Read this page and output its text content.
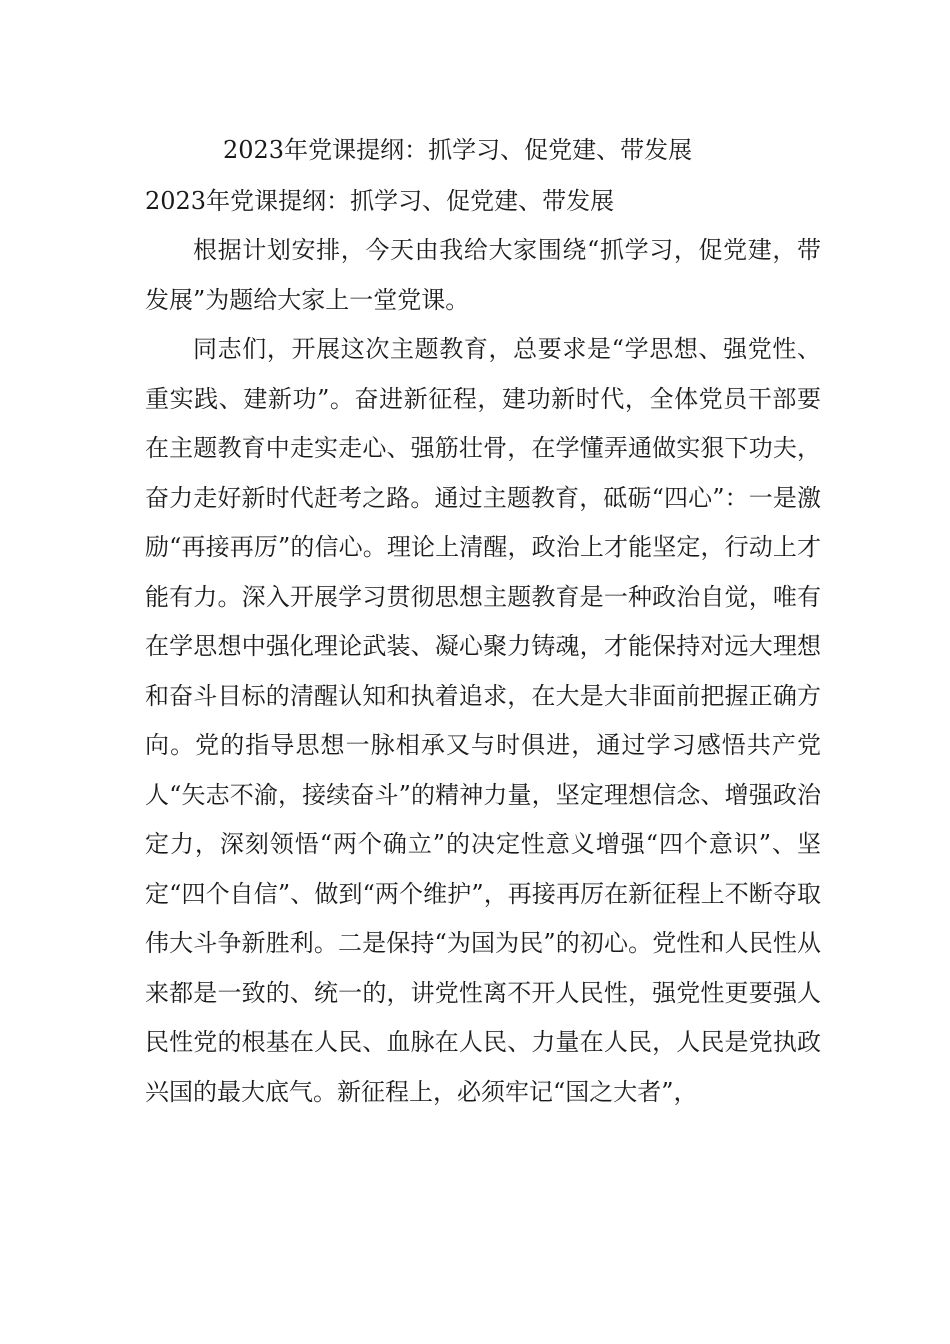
2023年党课提纲：抓学习、促党建、带发展
2023年党课提纲：抓学习、促党建、带发展

根据计划安排，今天由我给大家围绕“抓学习，促党建，带发展”为题给大家上一堂党课。

同志们，开展这次主题教育，总要求是“学思想、强党性、重实践、建新功”。奋进新征程，建功新时代，全体党员干部要在主题教育中走实走心、强筋壮骨，在学懂弄通做实狠下功夫，奋力走好新时代赶考之路。通过主题教育，砥砺“四心”：一是激励“再接再厉”的信心。理论上清醒，政治上才能坚定，行动上才能有力。深入开展学习贯彻思想主题教育是一种政治自觉，唯有在学思想中强化理论武装、凝心聚力铸魂，才能保持对远大理想和奋斗目标的清醒认知和执着追求，在大是大非面前把握正确方向。党的指导思想一脉相承又与时俱进，通过学习感悟共产党人“矢志不渝，接续奋斗”的精神力量，坚定理想信念、增强政治定力，深刻领悟“两个确立”的决定性意义增强“四个意识”、坚定“四个自信”、做到“两个维护”，再接再厉在新征程上不断夺取伟大斗争新胜利。二是保持“为国为民”的初心。党性和人民性从来都是一致的、统一的，讲党性离不开人民性，强党性更要强人民性党的根基在人民、血脉在人民、力量在人民，人民是党执政兴国的最大底气。新征程上，必须牢记“国之大者”，
